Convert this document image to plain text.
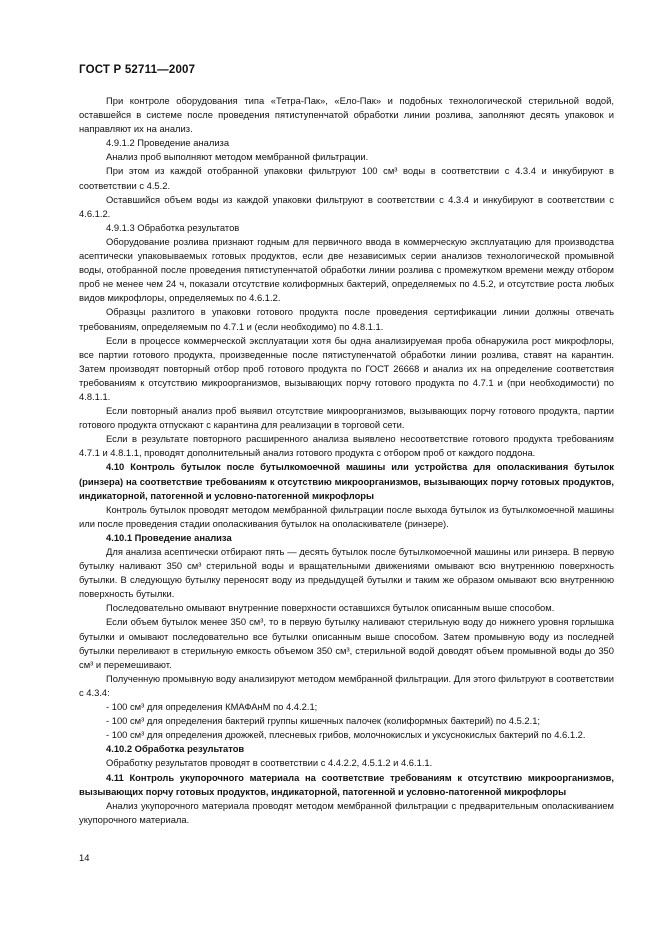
ГОСТ Р 52711—2007

При контроле оборудования типа «Тетра-Пак», «Ело-Пак» и подобных технологической стерильной водой, оставшейся в системе после проведения пятиступенчатой обработки линии розлива, заполняют десять упаковок и направляют их на анализ.

4.9.1.2 Проведение анализа

Анализ проб выполняют методом мембранной фильтрации.

При этом из каждой отобранной упаковки фильтруют 100 см³ воды в соответствии с 4.3.4 и инкубируют в соответствии с 4.5.2.

Оставшийся объем воды из каждой упаковки фильтруют в соответствии с 4.3.4 и инкубируют в соответствии с 4.6.1.2.

4.9.1.3 Обработка результатов

Оборудование розлива признают годным для первичного ввода в коммерческую эксплуатацию для производства асептически упаковываемых готовых продуктов, если две независимых серии анализов технологической промывной воды, отобранной после проведения пятиступенчатой обработки линии розлива с промежутком времени между отбором проб не менее чем 24 ч, показали отсутствие колиформных бактерий, определяемых по 4.5.2, и отсутствие роста любых видов микрофлоры, определяемых по 4.6.1.2.

Образцы разлитого в упаковки готового продукта после проведения сертификации линии должны отвечать требованиям, определяемым по 4.7.1 и (если необходимо) по 4.8.1.1.

Если в процессе коммерческой эксплуатации хотя бы одна анализируемая проба обнаружила рост микрофлоры, все партии готового продукта, произведенные после пятиступенчатой обработки линии розлива, ставят на карантин. Затем производят повторный отбор проб готового продукта по ГОСТ 26668 и анализ их на определение соответствия требованиям к отсутствию микроорганизмов, вызывающих порчу готового продукта по 4.7.1 и (при необходимости) по 4.8.1.1.

Если повторный анализ проб выявил отсутствие микроорганизмов, вызывающих порчу готового продукта, партии готового продукта отпускают с карантина для реализации в торговой сети.

Если в результате повторного расширенного анализа выявлено несоответствие готового продукта требованиям 4.7.1 и 4.8.1.1, проводят дополнительный анализ готового продукта с отбором проб от каждого поддона.

4.10 Контроль бутылок после бутылкомоечной машины или устройства для ополаскивания бутылок (ринзера) на соответствие требованиям к отсутствию микроорганизмов, вызывающих порчу готовых продуктов, индикаторной, патогенной и условно-патогенной микрофлоры

Контроль бутылок проводят методом мембранной фильтрации после выхода бутылок из бутылкомоечной машины или после проведения стадии ополаскивания бутылок на ополаскивателе (ринзере).

4.10.1 Проведение анализа

Для анализа асептически отбирают пять — десять бутылок после бутылкомоечной машины или ринзера. В первую бутылку наливают 350 см³ стерильной воды и вращательными движениями омывают всю внутреннюю поверхность бутылки. В следующую бутылку переносят воду из предыдущей бутылки и таким же образом омывают всю внутреннюю поверхность бутылки.

Последовательно омывают внутренние поверхности оставшихся бутылок описанным выше способом.

Если объем бутылок менее 350 см³, то в первую бутылку наливают стерильную воду до нижнего уровня горлышка бутылки и омывают последовательно все бутылки описанным выше способом. Затем промывную воду из последней бутылки переливают в стерильную емкость объемом 350 см³, стерильной водой доводят объем промывной воды до 350 см³ и перемешивают.

Полученную промывную воду анализируют методом мембранной фильтрации. Для этого фильтруют в соответствии с 4.3.4:

- 100 см³ для определения КМАФАнМ по 4.4.2.1;

- 100 см³ для определения бактерий группы кишечных палочек (колиформных бактерий) по 4.5.2.1;

- 100 см³ для определения дрожжей, плесневых грибов, молочнокислых и уксуснокислых бактерий по 4.6.1.2.

4.10.2 Обработка результатов

Обработку результатов проводят в соответствии с 4.4.2.2, 4.5.1.2 и 4.6.1.1.

4.11 Контроль укупорочного материала на соответствие требованиям к отсутствию микроорганизмов, вызывающих порчу готовых продуктов, индикаторной, патогенной и условно-патогенной микрофлоры

Анализ укупорочного материала проводят методом мембранной фильтрации с предварительным ополаскиванием укупорочного материала.

14
